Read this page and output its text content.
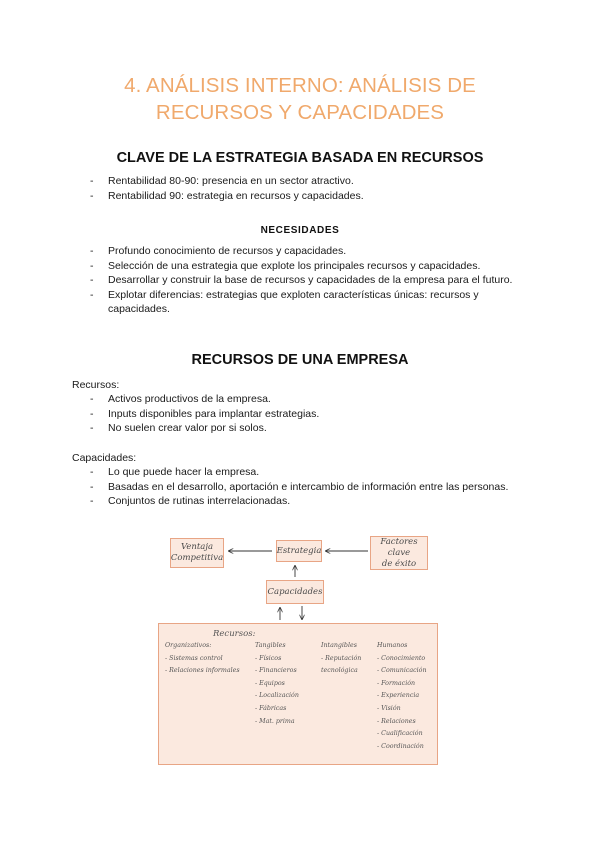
4. ANÁLISIS INTERNO: ANÁLISIS DE
RECURSOS Y CAPACIDADES
CLAVE DE LA ESTRATEGIA BASADA EN RECURSOS
- Rentabilidad 80-90: presencia en un sector atractivo.
- Rentabilidad 90: estrategia en recursos y capacidades.
NECESIDADES
- Profundo conocimiento de recursos y capacidades.
- Selección de una estrategia que explote los principales recursos y capacidades.
- Desarrollar y construir la base de recursos y capacidades de la empresa para el futuro.
- Explotar diferencias: estrategias que exploten características únicas: recursos y capacidades.
RECURSOS DE UNA EMPRESA
Recursos:
- Activos productivos de la empresa.
- Inputs disponibles para implantar estrategias.
- No suelen crear valor por si solos.
Capacidades:
- Lo que puede hacer la empresa.
- Basadas en el desarrollo, aportación e intercambio de información entre las personas.
- Conjuntos de rutinas interrelacionadas.
Ventaja
Competitiva
Estrategia
Factores clave
de éxito
Capacidades
Recursos:
Organizativos:
- Sistemas control
- Relaciones informales
Tangibles
- Físicos
- Financieros
- Equipos
- Localización
- Fábricas
- Mat. prima
Intangibles
- Reputación
tecnológica
Humanos
- Conocimiento
- Comunicación
- Formación
- Experiencia
- Visión
- Relaciones
- Cualificación
- Coordinación
